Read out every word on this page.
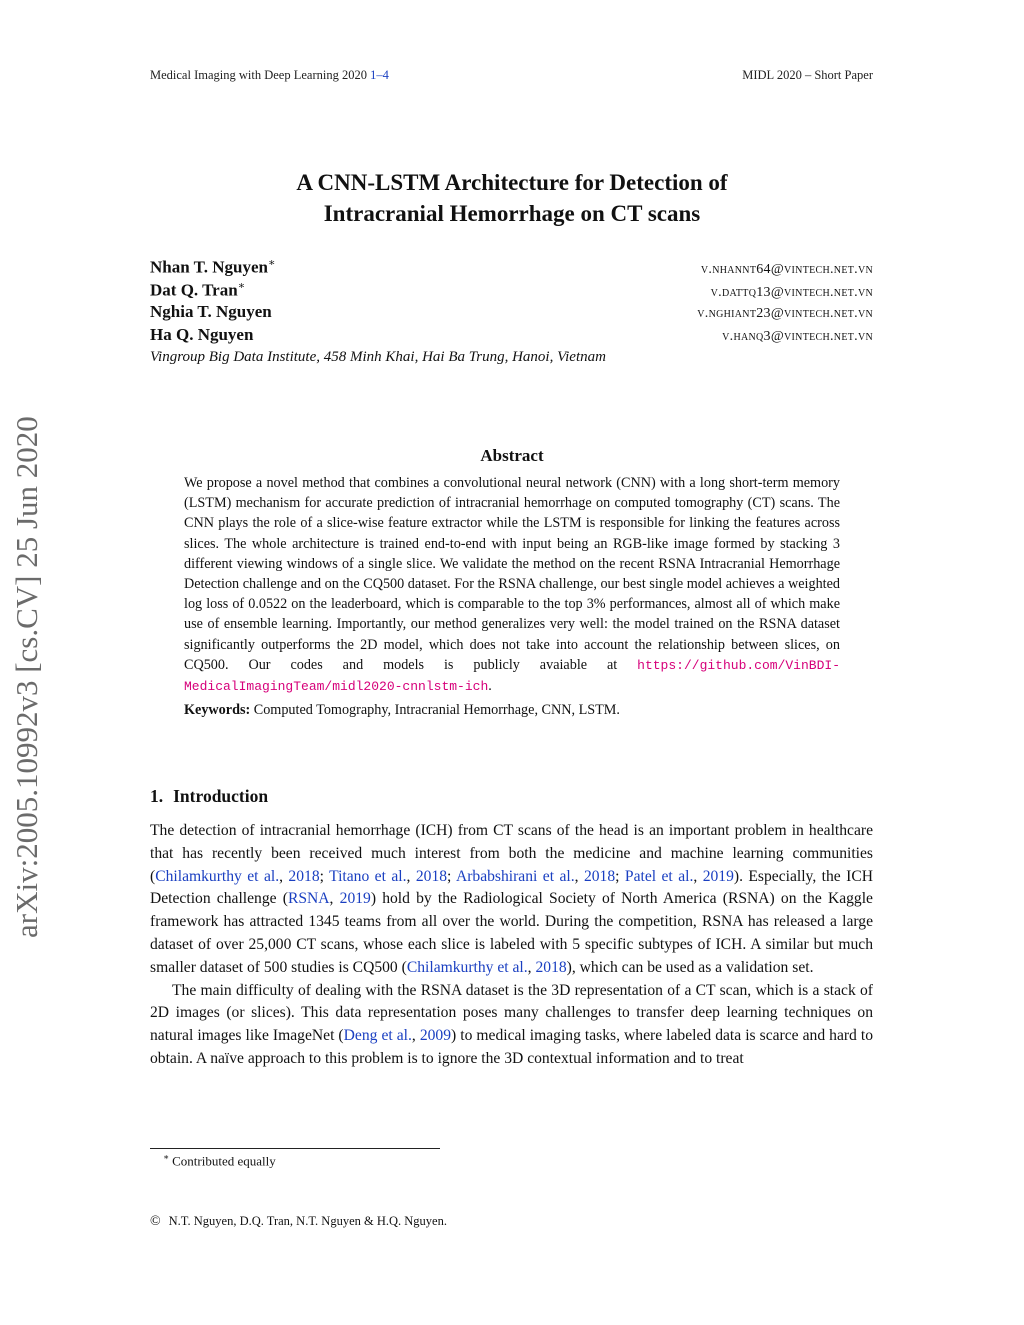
Medical Imaging with Deep Learning 2020 1–4	MIDL 2020 – Short Paper
arXiv:2005.10992v3 [cs.CV] 25 Jun 2020
A CNN-LSTM Architecture for Detection of
Intracranial Hemorrhage on CT scans
Nhan T. Nguyen∗	v.nhannt64@vintech.net.vn
Dat Q. Tran∗	v.dattq13@vintech.net.vn
Nghia T. Nguyen	v.nghiant23@vintech.net.vn
Ha Q. Nguyen	v.hanq3@vintech.net.vn
Vingroup Big Data Institute, 458 Minh Khai, Hai Ba Trung, Hanoi, Vietnam
Abstract
We propose a novel method that combines a convolutional neural network (CNN) with a long short-term memory (LSTM) mechanism for accurate prediction of intracranial hemorrhage on computed tomography (CT) scans. The CNN plays the role of a slice-wise feature extractor while the LSTM is responsible for linking the features across slices. The whole architecture is trained end-to-end with input being an RGB-like image formed by stacking 3 different viewing windows of a single slice. We validate the method on the recent RSNA Intracranial Hemorrhage Detection challenge and on the CQ500 dataset. For the RSNA challenge, our best single model achieves a weighted log loss of 0.0522 on the leaderboard, which is comparable to the top 3% performances, almost all of which make use of ensemble learning. Importantly, our method generalizes very well: the model trained on the RSNA dataset significantly outperforms the 2D model, which does not take into account the relationship between slices, on CQ500. Our codes and models is publicly avaiable at https://github.com/VinBDI-MedicalImagingTeam/midl2020-cnnlstm-ich.
Keywords: Computed Tomography, Intracranial Hemorrhage, CNN, LSTM.
1. Introduction

The detection of intracranial hemorrhage (ICH) from CT scans of the head is an important problem in healthcare that has recently been received much interest from both the medicine and machine learning communities (Chilamkurthy et al., 2018; Titano et al., 2018; Arbabshirani et al., 2018; Patel et al., 2019). Especially, the ICH Detection challenge (RSNA, 2019) hold by the Radiological Society of North America (RSNA) on the Kaggle framework has attracted 1345 teams from all over the world. During the competition, RSNA has released a large dataset of over 25,000 CT scans, whose each slice is labeled with 5 specific subtypes of ICH. A similar but much smaller dataset of 500 studies is CQ500 (Chilamkurthy et al., 2018), which can be used as a validation set.

The main difficulty of dealing with the RSNA dataset is the 3D representation of a CT scan, which is a stack of 2D images (or slices). This data representation poses many challenges to transfer deep learning techniques on natural images like ImageNet (Deng et al., 2009) to medical imaging tasks, where labeled data is scarce and hard to obtain. A naïve approach to this problem is to ignore the 3D contextual information and to treat

∗ Contributed equally
© N.T. Nguyen, D.Q. Tran, N.T. Nguyen & H.Q. Nguyen.
